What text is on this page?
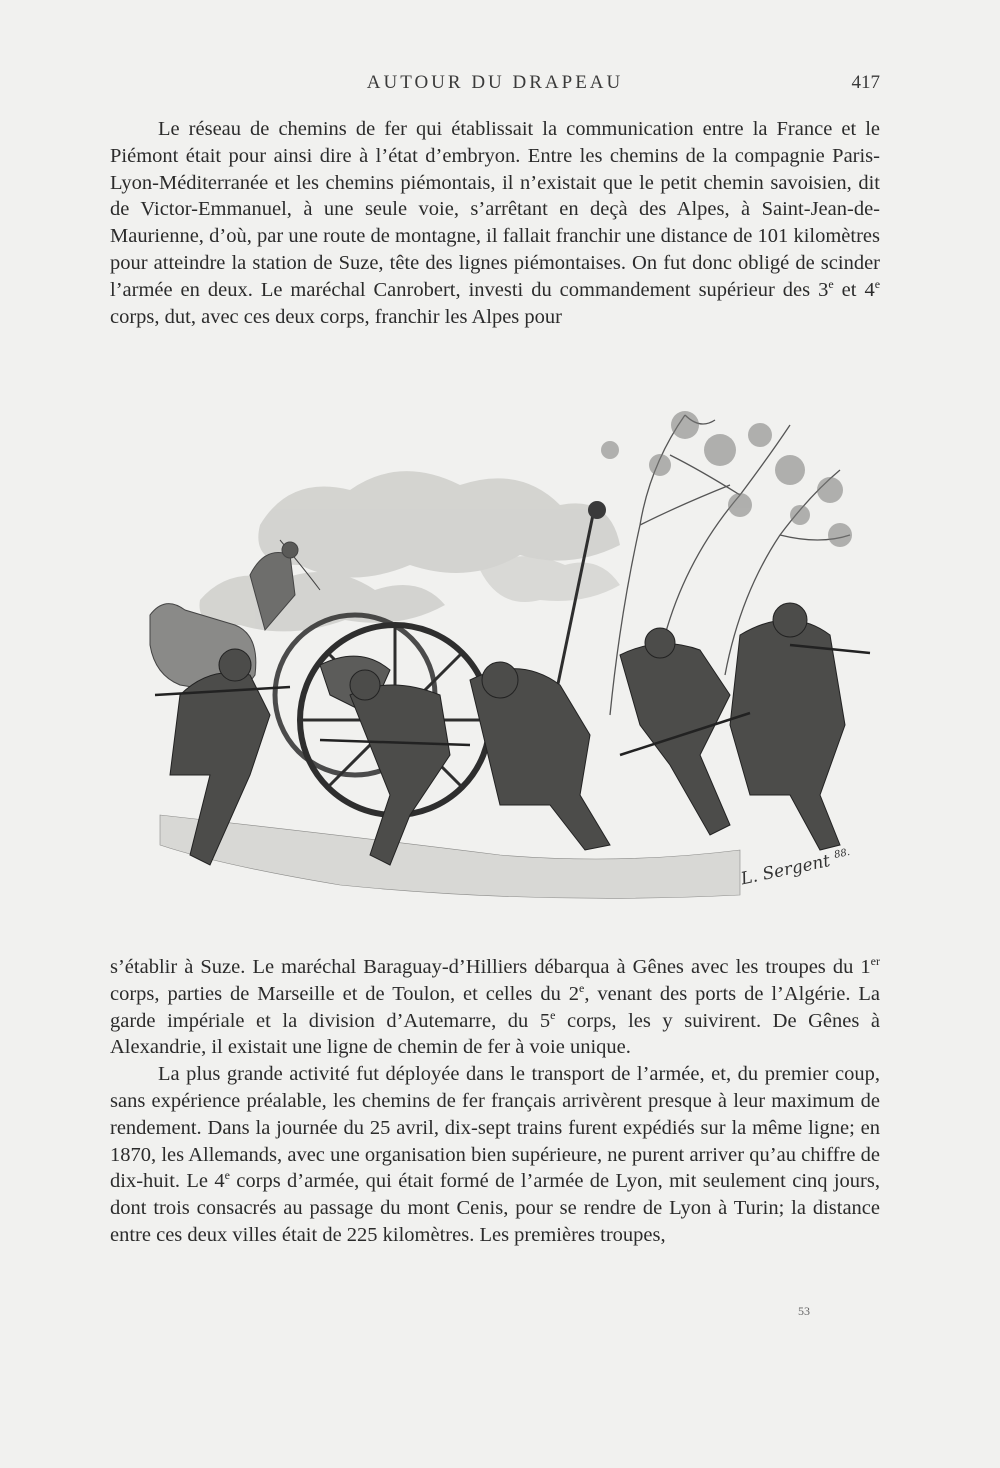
AUTOUR DU DRAPEAU	417

Le réseau de chemins de fer qui établissait la communication entre la France et le Piémont était pour ainsi dire à l’état d’embryon. Entre les chemins de la compagnie Paris-Lyon-Méditerranée et les chemins piémontais, il n’existait que le petit chemin savoisien, dit de Victor-Emmanuel, à une seule voie, s’arrêtant en deçà des Alpes, à Saint-Jean-de-Maurienne, d’où, par une route de montagne, il fallait franchir une distance de 101 kilomètres pour atteindre la station de Suze, tête des lignes piémontaises. On fut donc obligé de scinder l’armée en deux. Le maréchal Canrobert, investi du commandement supérieur des 3e et 4e corps, dut, avec ces deux corps, franchir les Alpes pour

L. Sergent $^{88.}$

s’établir à Suze. Le maréchal Baraguay-d’Hilliers débarqua à Gênes avec les troupes du 1er corps, parties de Marseille et de Toulon, et celles du 2e, venant des ports de l’Algérie. La garde impériale et la division d’Autemarre, du 5e corps, les y suivirent. De Gênes à Alexandrie, il existait une ligne de chemin de fer à voie unique.

La plus grande activité fut déployée dans le transport de l’armée, et, du premier coup, sans expérience préalable, les chemins de fer français arrivèrent presque à leur maximum de rendement. Dans la journée du 25 avril, dix-sept trains furent expédiés sur la même ligne; en 1870, les Allemands, avec une organisation bien supérieure, ne purent arriver qu’au chiffre de dix-huit. Le 4e corps d’armée, qui était formé de l’armée de Lyon, mit seulement cinq jours, dont trois consacrés au passage du mont Cenis, pour se rendre de Lyon à Turin; la distance entre ces deux villes était de 225 kilomètres. Les premières troupes,

53
